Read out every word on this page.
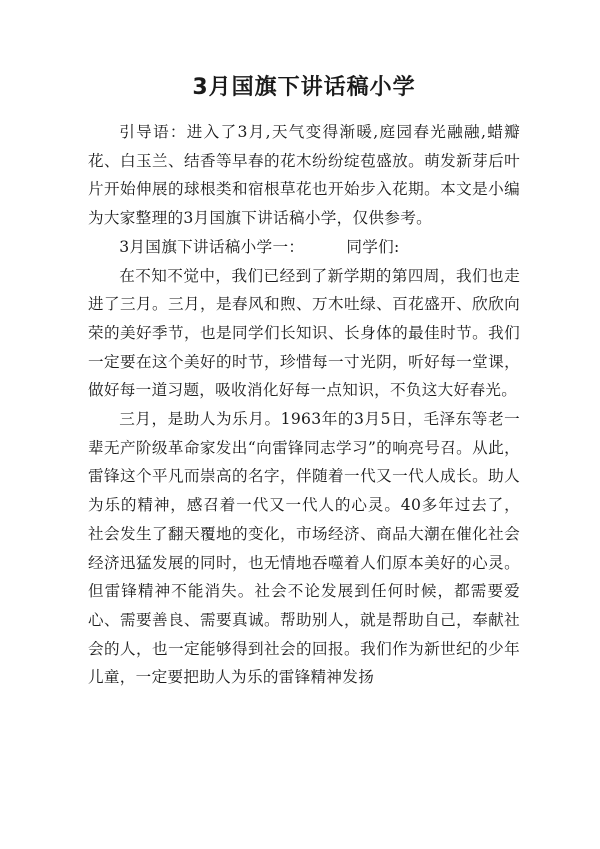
3月国旗下讲话稿小学

引导语：进入了3月,天气变得渐暖,庭园春光融融,蜡瓣花、白玉兰、结香等早春的花木纷纷绽苞盛放。萌发新芽后叶片开始伸展的球根类和宿根草花也开始步入花期。本文是小编为大家整理的3月国旗下讲话稿小学，仅供参考。

3月国旗下讲话稿小学一：	同学们:

在不知不觉中，我们已经到了新学期的第四周，我们也走进了三月。三月，是春风和煦、万木吐绿、百花盛开、欣欣向荣的美好季节，也是同学们长知识、长身体的最佳时节。我们一定要在这个美好的时节，珍惜每一寸光阴，听好每一堂课，做好每一道习题，吸收消化好每一点知识，不负这大好春光。

三月，是助人为乐月。1963年的3月5日，毛泽东等老一辈无产阶级革命家发出“向雷锋同志学习”的响亮号召。从此，雷锋这个平凡而崇高的名字，伴随着一代又一代人成长。助人为乐的精神，感召着一代又一代人的心灵。40多年过去了，社会发生了翻天覆地的变化，市场经济、商品大潮在催化社会经济迅猛发展的同时，也无情地吞噬着人们原本美好的心灵。但雷锋精神不能消失。社会不论发展到任何时候，都需要爱心、需要善良、需要真诚。帮助别人，就是帮助自己，奉献社会的人，也一定能够得到社会的回报。我们作为新世纪的少年儿童，一定要把助人为乐的雷锋精神发扬
